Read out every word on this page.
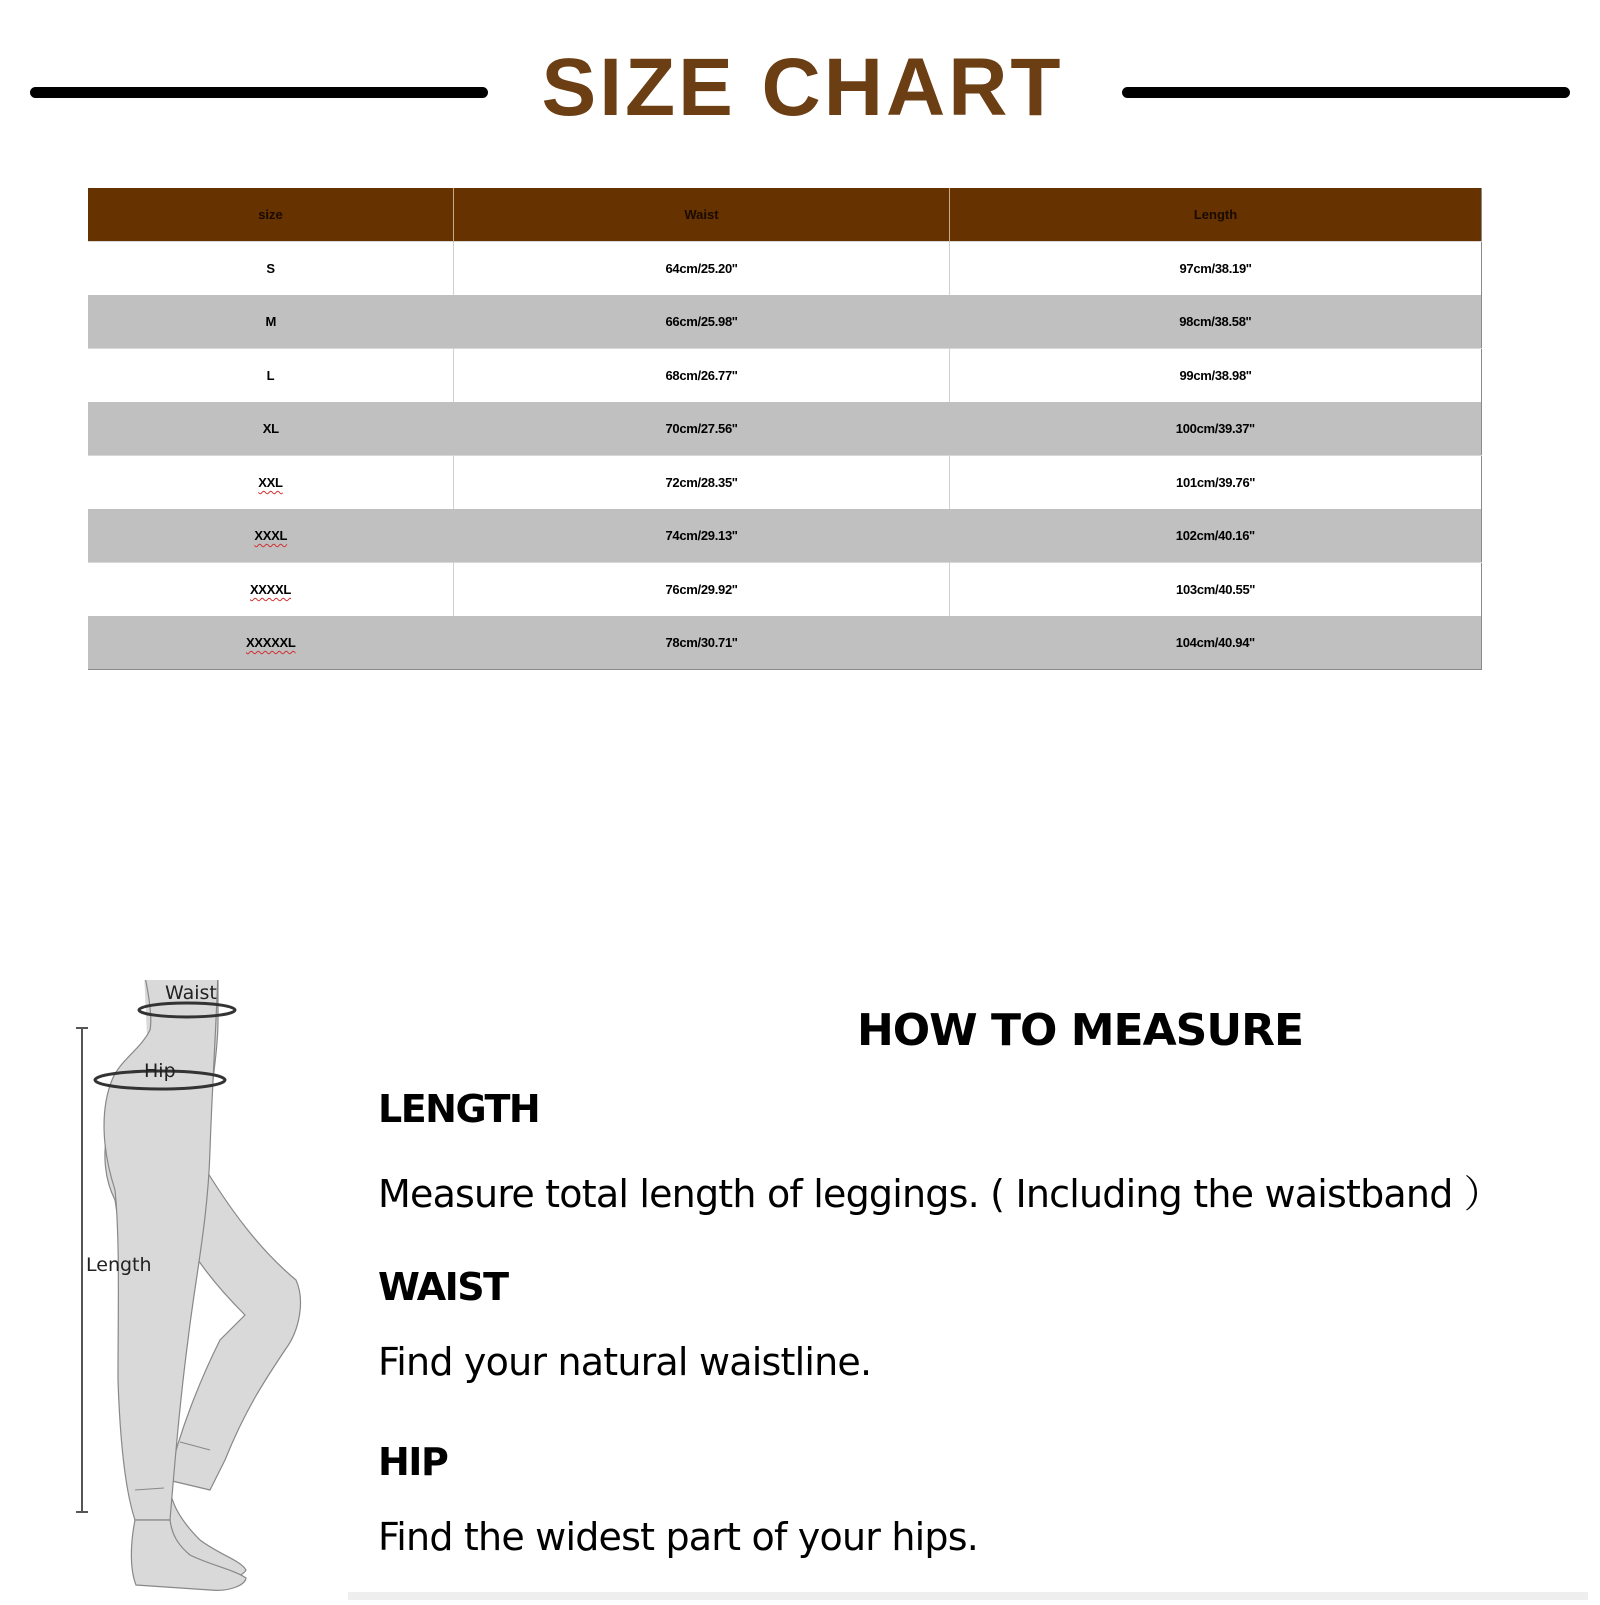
SIZE CHART
size	Waist	Length
S	64cm/25.20''	97cm/38.19''
M	66cm/25.98''	98cm/38.58''
L	68cm/26.77''	99cm/38.98''
XL	70cm/27.56''	100cm/39.37''
XXL	72cm/28.35''	101cm/39.76''
XXXL	74cm/29.13''	102cm/40.16''
XXXXL	76cm/29.92''	103cm/40.55''
XXXXXL	78cm/30.71''	104cm/40.94''
Waist
Hip
Length
HOW TO MEASURE
LENGTH
Measure total length of leggings. ( Including the waistband ）
WAIST
Find your natural waistline.
HIP
Find the widest part of your hips.
